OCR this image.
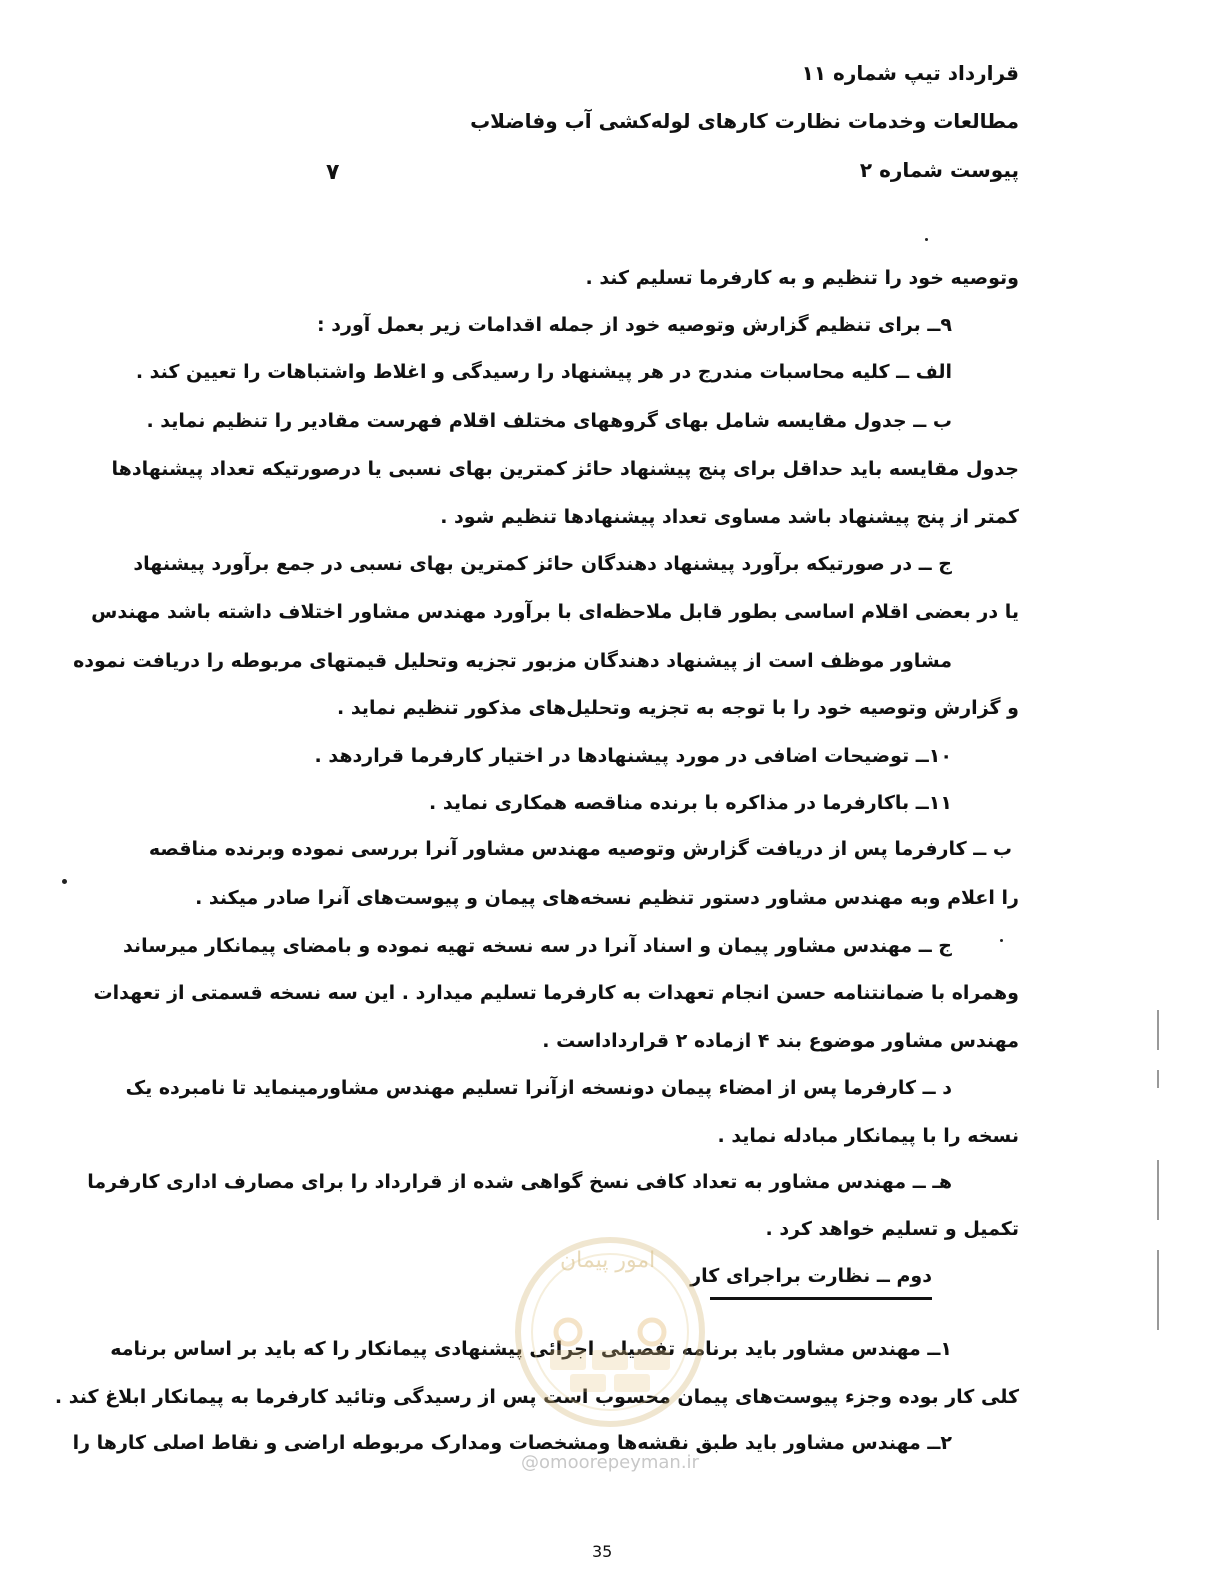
قرارداد تیپ شماره ۱۱
مطالعات وخدمات نظارت کارهای لوله‌کشی آب وفاضلاب
پیوست شماره ۲
۷
وتوصیه خود را تنظیم و به کارفرما تسلیم کند .
۹ــ برای تنظیم گزارش وتوصیه خود از جمله اقدامات زیر بعمل آورد :
الف ــ کلیه محاسبات مندرج در هر پیشنهاد را رسیدگی و اغلاط واشتباهات را تعیین کند .
ب ــ جدول مقایسه شامل بهای گروههای مختلف اقلام فهرست مقادیر را تنظیم نماید .
جدول مقایسه باید حداقل برای پنج پیشنهاد حائز کمترین بهای نسبی یا درصورتیکه تعداد پیشنهادها
کمتر از پنج پیشنهاد باشد مساوی تعداد پیشنهادها تنظیم شود .
ج ــ در صورتیکه برآورد پیشنهاد دهندگان حائز کمترین بهای نسبی در جمع برآورد پیشنهاد
یا در بعضی اقلام اساسی بطور قابل ملاحظه‌ای با برآورد مهندس مشاور اختلاف داشته باشد مهندس
مشاور موظف است از پیشنهاد دهندگان مزبور تجزیه وتحلیل قیمتهای مربوطه را دریافت نموده
و گزارش وتوصیه خود را با توجه به تجزیه وتحلیل‌های مذکور تنظیم نماید .
۱۰ــ توضیحات اضافی در مورد پیشنهادها در اختیار کارفرما قراردهد .
۱۱ــ باکارفرما در مذاکره با برنده مناقصه همکاری نماید .
ب ــ کارفرما پس از دریافت گزارش وتوصیه مهندس مشاور آنرا بررسی نموده وبرنده مناقصه
را اعلام وبه مهندس مشاور دستور تنظیم نسخه‌های پیمان و پیوست‌های آنرا صادر میکند .
ج ــ مهندس مشاور پیمان و اسناد آنرا در سه نسخه تهیه نموده و بامضای پیمانکار میرساند
وهمراه با ضمانتنامه حسن انجام تعهدات به کارفرما تسلیم میدارد . این سه نسخه قسمتی از تعهدات
مهندس مشاور موضوع بند ۴ ازماده ۲ قرارداداست .
د ــ کارفرما پس از امضاء پیمان دونسخه ازآنرا تسلیم مهندس مشاورمینماید تا نامبرده یک
نسخه را با پیمانکار مبادله نماید .
هـ ــ مهندس مشاور به تعداد کافی نسخ گواهی شده از قرارداد را برای مصارف اداری کارفرما
تکمیل و تسلیم خواهد کرد .
دوم ــ نظارت براجرای کار
۱ــ مهندس مشاور باید برنامه تفصیلی اجرائی پیشنهادی پیمانکار را که باید بر اساس برنامه
کلی کار بوده وجزء پیوست‌های پیمان محسوب است پس از رسیدگی وتائید کارفرما به پیمانکار ابلاغ کند .
۲ــ مهندس مشاور باید طبق نقشه‌ها ومشخصات ومدارک مربوطه اراضی و نقاط اصلی کارها را
@omoorepeyman.ir
امور پیمان
35
